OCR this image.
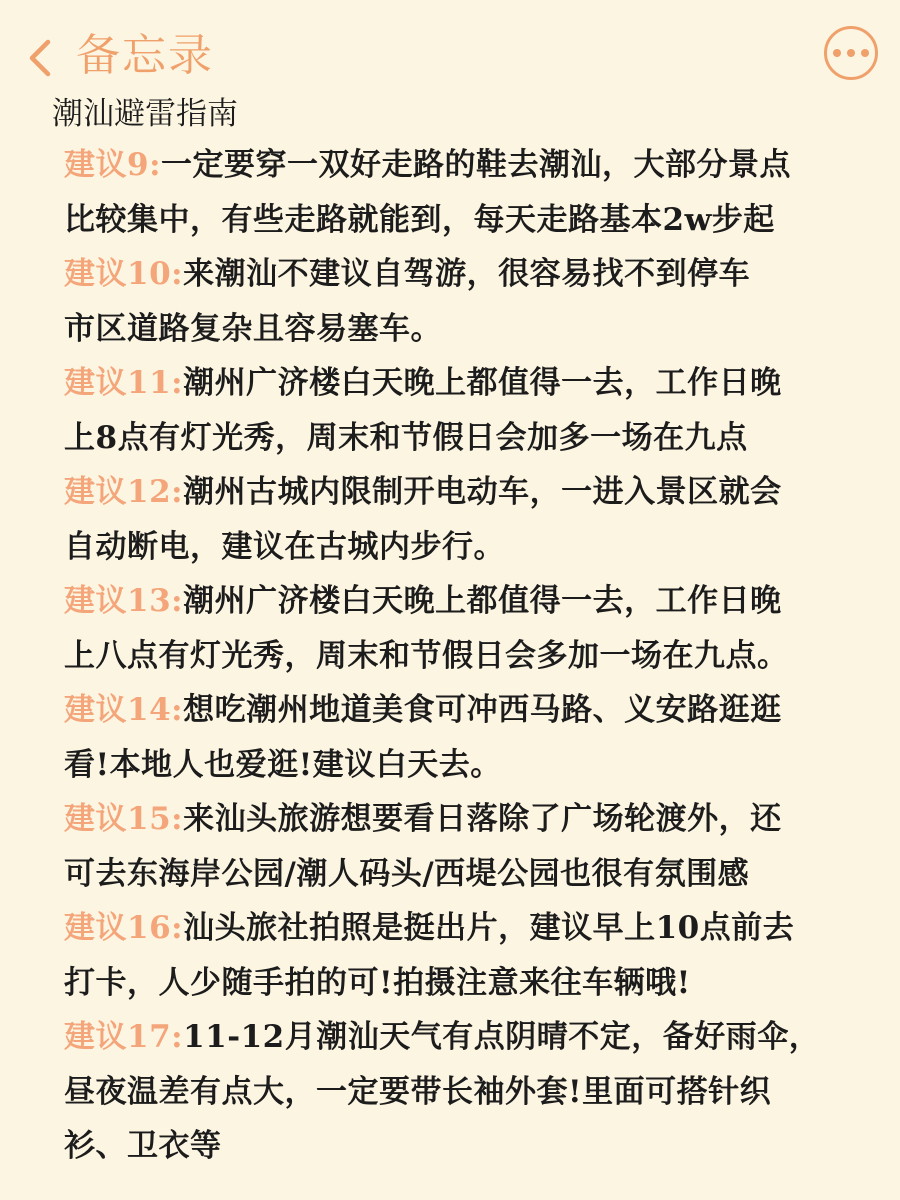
备忘录
潮汕避雷指南

建议9:一定要穿一双好走路的鞋去潮汕，大部分景点
比较集中，有些走路就能到，每天走路基本2w步起

建议10:来潮汕不建议自驾游，很容易找不到停车
市区道路复杂且容易塞车。

建议11:潮州广济楼白天晚上都值得一去，工作日晚
上8点有灯光秀，周末和节假日会加多一场在九点

建议12:潮州古城内限制开电动车，一进入景区就会
自动断电，建议在古城内步行。

建议13:潮州广济楼白天晚上都值得一去，工作日晚
上八点有灯光秀，周末和节假日会多加一场在九点。

建议14:想吃潮州地道美食可冲西马路、义安路逛逛
看!本地人也爱逛!建议白天去。

建议15:来汕头旅游想要看日落除了广场轮渡外，还
可去东海岸公园/潮人码头/西堤公园也很有氛围感

建议16:汕头旅社拍照是挺出片，建议早上10点前去
打卡，人少随手拍的可!拍摄注意来往车辆哦!

建议17:11-12月潮汕天气有点阴晴不定，备好雨伞，
昼夜温差有点大，一定要带长袖外套!里面可搭针织
衫、卫衣等
